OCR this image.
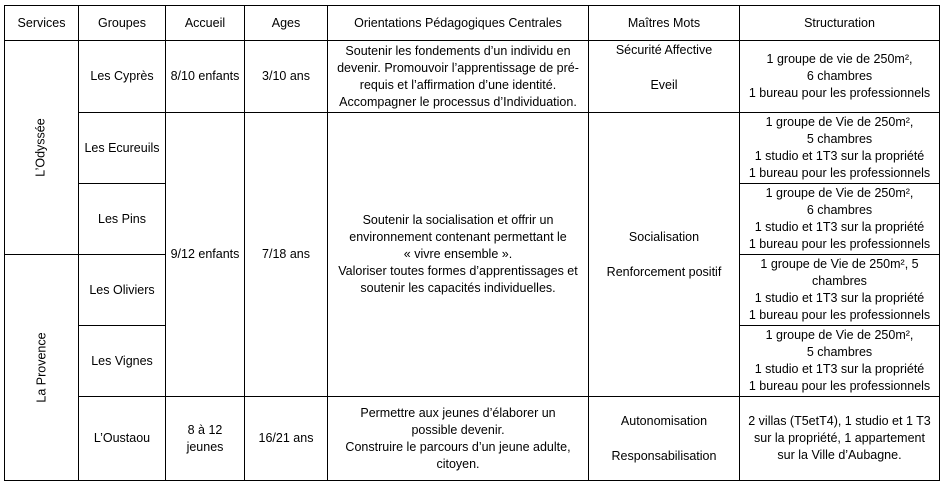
Services	Groupes	Accueil	Ages	Orientations Pédagogiques Centrales	Maîtres Mots	Structuration
L’Odyssée	Les Cyprès	8/10 enfants	3/10 ans	Soutenir les fondements d’un individu en
devenir. Promouvoir l’apprentissage de pré-
requis et l’affirmation d’une identité.
Accompagner le processus d’Individuation.	Sécurité Affective
Eveil	1 groupe de vie de 250m²,
6 chambres
1 bureau pour les professionnels

	Les Ecureuils	9/12 enfants	7/18 ans	Soutenir la socialisation et offrir un
environnement contenant permettant le
« vivre ensemble ».
Valoriser toutes formes d’apprentissages et
soutenir les capacités individuelles.	Socialisation
Renforcement positif	1 groupe de Vie de 250m²,
5 chambres
1 studio et 1T3 sur la propriété
1 bureau pour les professionnels

	Les Pins					1 groupe de Vie de 250m²,
6 chambres
1 studio et 1T3 sur la propriété
1 bureau pour les professionnels

La Provence	Les Oliviers					1 groupe de Vie de 250m², 5
chambres
1 studio et 1T3 sur la propriété
1 bureau pour les professionnels

	Les Vignes					1 groupe de Vie de 250m²,
5 chambres
1 studio et 1T3 sur la propriété
1 bureau pour les professionnels

	L’Oustaou	8 à 12
jeunes	16/21 ans	Permettre aux jeunes d’élaborer un
possible devenir.
Construire le parcours d’un jeune adulte,
citoyen.	Autonomisation
Responsabilisation	2 villas (T5etT4), 1 studio et 1 T3
sur la propriété, 1 appartement
sur la Ville d’Aubagne.
